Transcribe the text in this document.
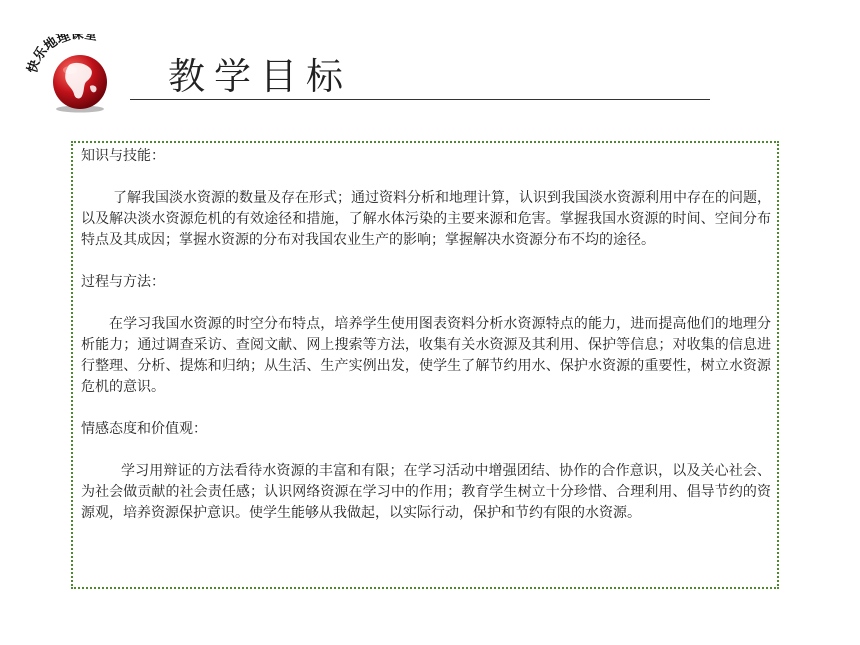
快乐地理课堂
教学目标

知识与技能：

了解我国淡水资源的数量及存在形式；通过资料分析和地理计算，认识到我国淡水资源利用中存在的问题，以及解决淡水资源危机的有效途径和措施，了解水体污染的主要来源和危害。掌握我国水资源的时间、空间分布特点及其成因；掌握水资源的分布对我国农业生产的影响；掌握解决水资源分布不均的途径。

过程与方法：

在学习我国水资源的时空分布特点，培养学生使用图表资料分析水资源特点的能力，进而提高他们的地理分析能力；通过调查采访、查阅文献、网上搜索等方法，收集有关水资源及其利用、保护等信息；对收集的信息进行整理、分析、提炼和归纳；从生活、生产实例出发，使学生了解节约用水、保护水资源的重要性，树立水资源危机的意识。

情感态度和价值观：

学习用辩证的方法看待水资源的丰富和有限；在学习活动中增强团结、协作的合作意识，以及关心社会、为社会做贡献的社会责任感；认识网络资源在学习中的作用；教育学生树立十分珍惜、合理利用、倡导节约的资源观，培养资源保护意识。使学生能够从我做起，以实际行动，保护和节约有限的水资源。
